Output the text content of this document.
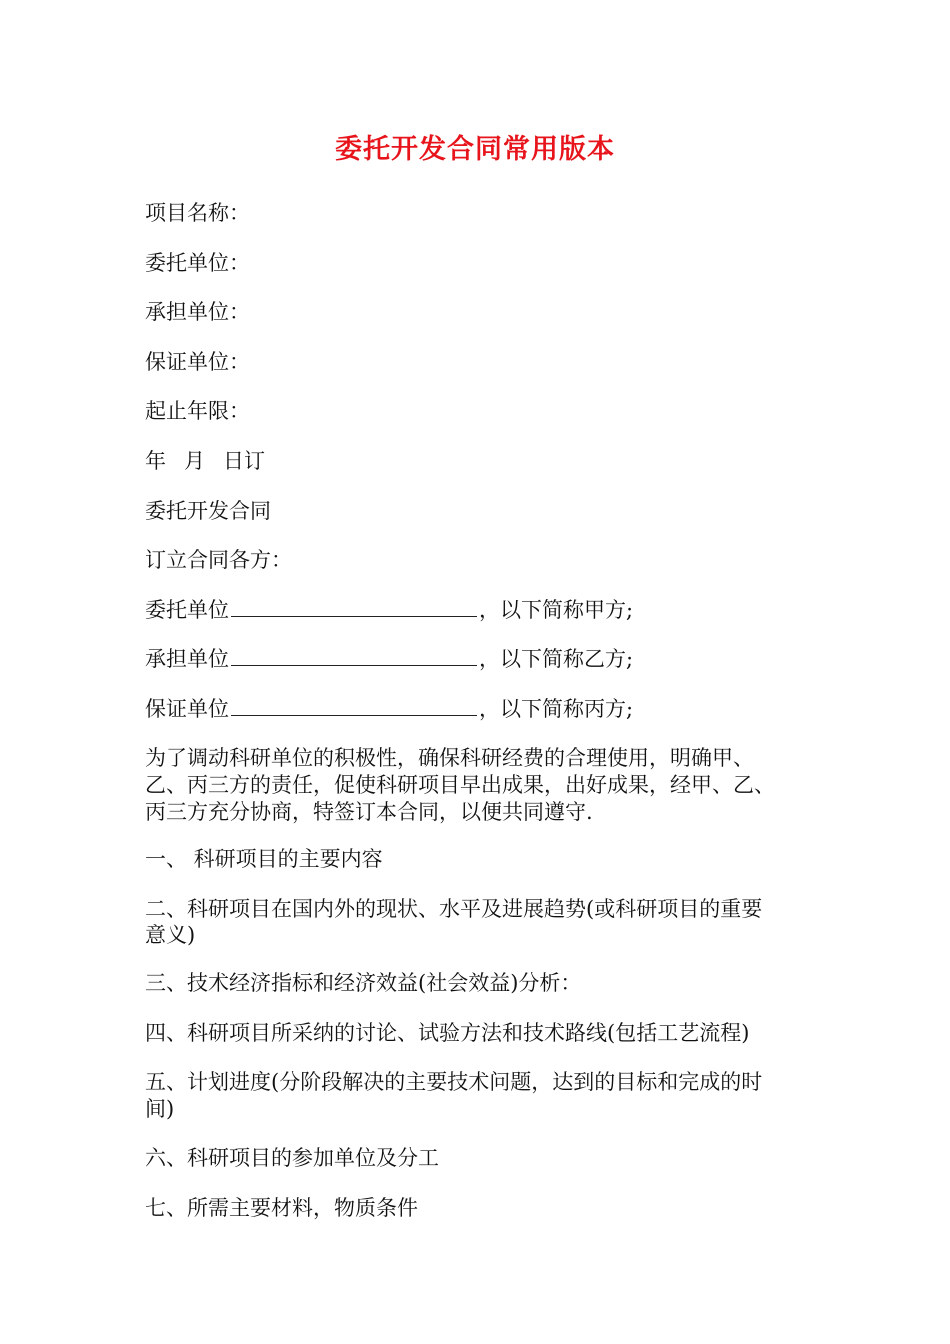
委托开发合同常用版本
项目名称：
委托单位：
承担单位：
保证单位：
起止年限：
年 月 日订
委托开发合同
订立合同各方：
委托单位	，以下简称甲方;
承担单位	，以下简称乙方;
保证单位	，以下简称丙方;
为了调动科研单位的积极性，确保科研经费的合理使用，明确甲、
乙、丙三方的责任，促使科研项目早出成果，出好成果，经甲、乙、
丙三方充分协商，特签订本合同，以便共同遵守.
一、 科研项目的主要内容
二、科研项目在国内外的现状、水平及进展趋势(或科研项目的重要
意义)
三、技术经济指标和经济效益(社会效益)分析：
四、科研项目所采纳的讨论、试验方法和技术路线(包括工艺流程)
五、计划进度(分阶段解决的主要技术问题，达到的目标和完成的时
间)
六、科研项目的参加单位及分工
七、所需主要材料，物质条件
